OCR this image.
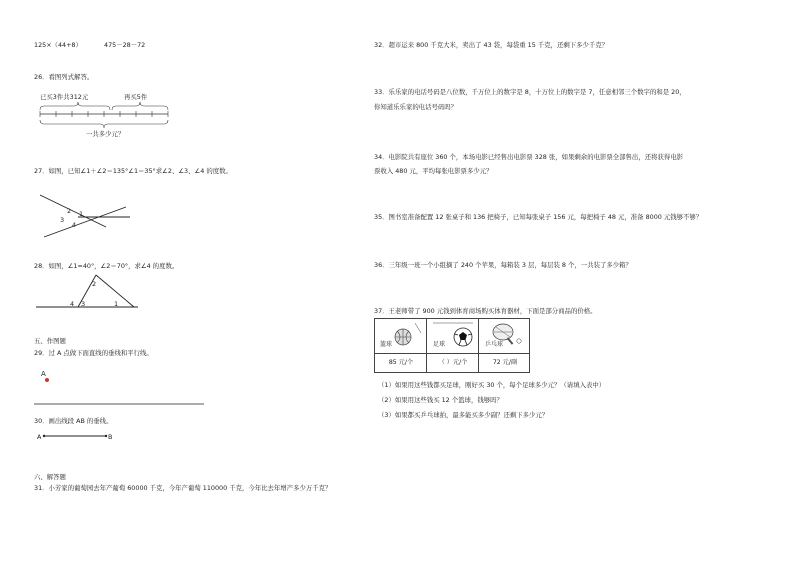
125×（44+8）	475－28－72
26．看图列式解答。
已买3件共312元	再买5件
一共多少元？
27．如图，已知∠1＋∠2＝135°∠1＝35°求∠2、∠3、∠4 的度数。
2
3
1
4
28．如图，∠1=40°，∠2＝70°，求∠4 的度数。
2
4 3	1
五、作图题
29．过 A 点做下面直线的垂线和平行线。
A
30．画出线段 AB 的垂线。
A	B
六、解答题
31．小芳家的葡萄园去年产葡萄 60000 千克，今年产葡萄 110000 千克，今年比去年增产多少万千克？
32．超市运来 800 千克大米，卖出了 43 袋，每袋重 15 千克，还剩下多少千克？
33．乐乐家的电话号码是八位数，千万位上的数字是 8，十万位上的数字是 7，任意相邻三个数字的和是 20，
你知道乐乐家的电话号码吗？
34．电影院共有座位 360 个，本场电影已经售出电影票 328 张，如果剩余的电影票全部售出，还将获得电影
票收入 480 元，平均每张电影票多少元？
35．图书室准备配置 12 张桌子和 136 把椅子，已知每张桌子 156 元，每把椅子 48 元，准备 8000 元钱够不够？
36．三年级一班一个小组摘了 240 个苹果，每箱装 3 层，每层装 8 个，一共装了多少箱？
37．王老师带了 900 元钱到体育商场购买体育器材，下面是部分商品的价格。
篮球	足球	乒乓球
85 元/个	（ ）元/个	72 元/副
（1）如果用这些钱都买足球，刚好买 30 个，每个足球多少元？（请填入表中）
（2）如果用这些钱买 12 个篮球，钱够吗？
（3）如果都买乒乓球拍，最多能买多少副？还剩下多少元？
